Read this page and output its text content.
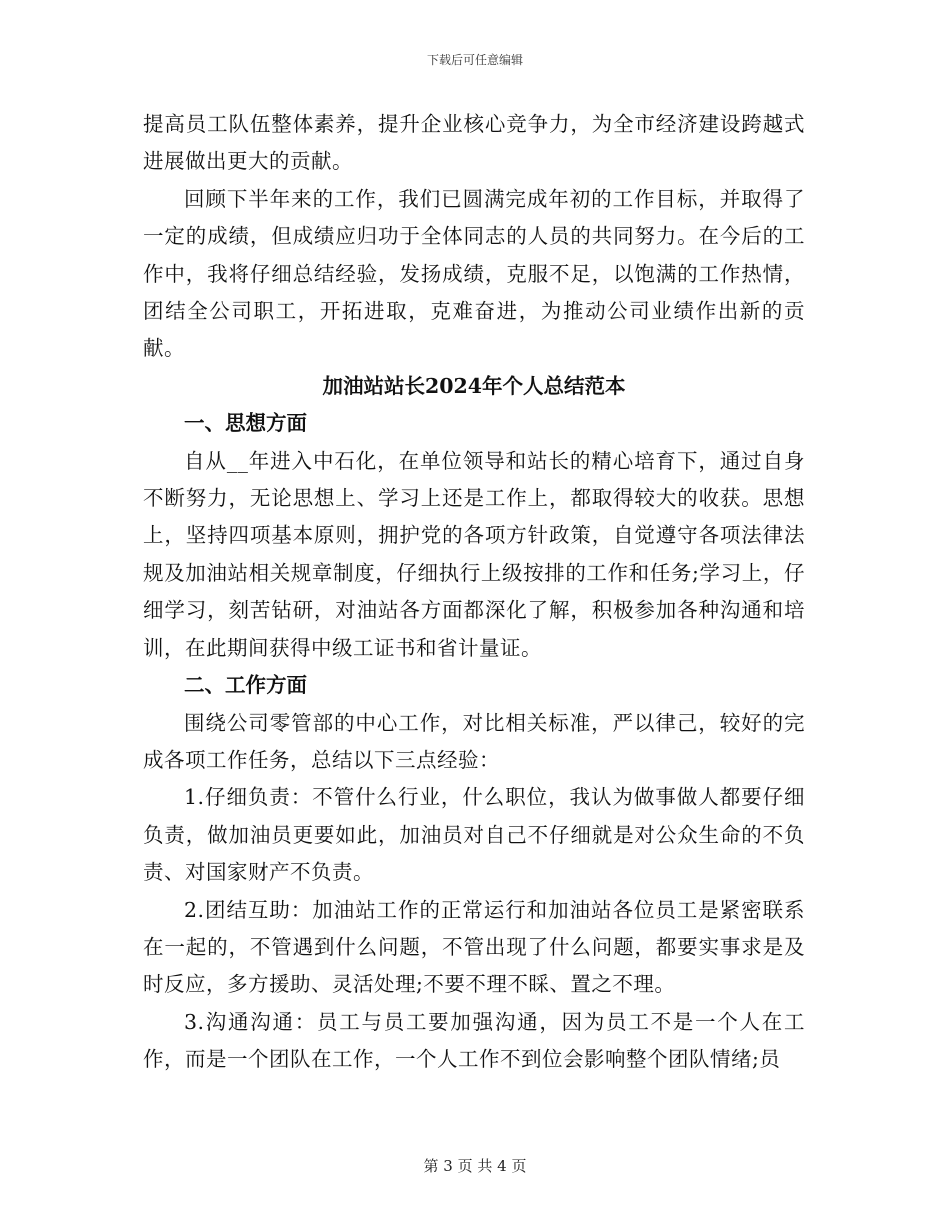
下载后可任意编辑

提高员工队伍整体素养，提升企业核心竞争力，为全市经济建设跨越式进展做出更大的贡献。

回顾下半年来的工作，我们已圆满完成年初的工作目标，并取得了一定的成绩，但成绩应归功于全体同志的人员的共同努力。在今后的工作中，我将仔细总结经验，发扬成绩，克服不足，以饱满的工作热情，团结全公司职工，开拓进取，克难奋进，为推动公司业绩作出新的贡献。

加油站站长2024年个人总结范本

一、思想方面

自从__年进入中石化，在单位领导和站长的精心培育下，通过自身不断努力，无论思想上、学习上还是工作上，都取得较大的收获。思想上，坚持四项基本原则，拥护党的各项方针政策，自觉遵守各项法律法规及加油站相关规章制度，仔细执行上级按排的工作和任务;学习上，仔细学习，刻苦钻研，对油站各方面都深化了解，积极参加各种沟通和培训，在此期间获得中级工证书和省计量证。

二、工作方面

围绕公司零管部的中心工作，对比相关标准，严以律己，较好的完成各项工作任务，总结以下三点经验：

1.仔细负责：不管什么行业，什么职位，我认为做事做人都要仔细负责，做加油员更要如此，加油员对自己不仔细就是对公众生命的不负责、对国家财产不负责。

2.团结互助：加油站工作的正常运行和加油站各位员工是紧密联系在一起的，不管遇到什么问题，不管出现了什么问题，都要实事求是及时反应，多方援助、灵活处理;不要不理不睬、置之不理。

3.沟通沟通：员工与员工要加强沟通，因为员工不是一个人在工作，而是一个团队在工作，一个人工作不到位会影响整个团队情绪;员

第 3 页 共 4 页
